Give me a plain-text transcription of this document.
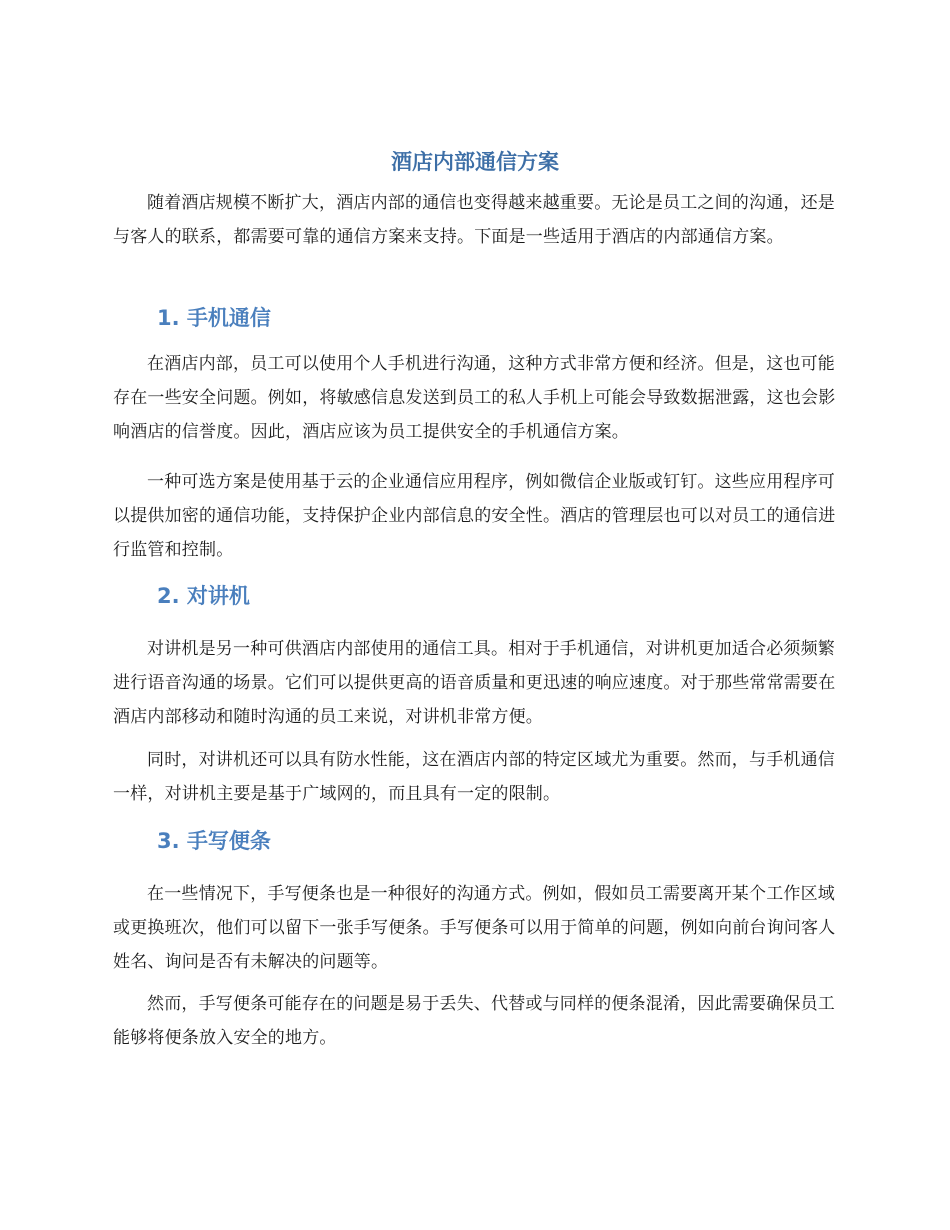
酒店内部通信方案

随着酒店规模不断扩大，酒店内部的通信也变得越来越重要。无论是员工之间的沟通，还是与客人的联系，都需要可靠的通信方案来支持。下面是一些适用于酒店的内部通信方案。

1. 手机通信

在酒店内部，员工可以使用个人手机进行沟通，这种方式非常方便和经济。但是，这也可能存在一些安全问题。例如，将敏感信息发送到员工的私人手机上可能会导致数据泄露，这也会影响酒店的信誉度。因此，酒店应该为员工提供安全的手机通信方案。

一种可选方案是使用基于云的企业通信应用程序，例如微信企业版或钉钉。这些应用程序可以提供加密的通信功能，支持保护企业内部信息的安全性。酒店的管理层也可以对员工的通信进行监管和控制。

2. 对讲机

对讲机是另一种可供酒店内部使用的通信工具。相对于手机通信，对讲机更加适合必须频繁进行语音沟通的场景。它们可以提供更高的语音质量和更迅速的响应速度。对于那些常常需要在酒店内部移动和随时沟通的员工来说，对讲机非常方便。

同时，对讲机还可以具有防水性能，这在酒店内部的特定区域尤为重要。然而，与手机通信一样，对讲机主要是基于广域网的，而且具有一定的限制。

3. 手写便条

在一些情况下，手写便条也是一种很好的沟通方式。例如，假如员工需要离开某个工作区域或更换班次，他们可以留下一张手写便条。手写便条可以用于简单的问题，例如向前台询问客人姓名、询问是否有未解决的问题等。

然而，手写便条可能存在的问题是易于丢失、代替或与同样的便条混淆，因此需要确保员工能够将便条放入安全的地方。
